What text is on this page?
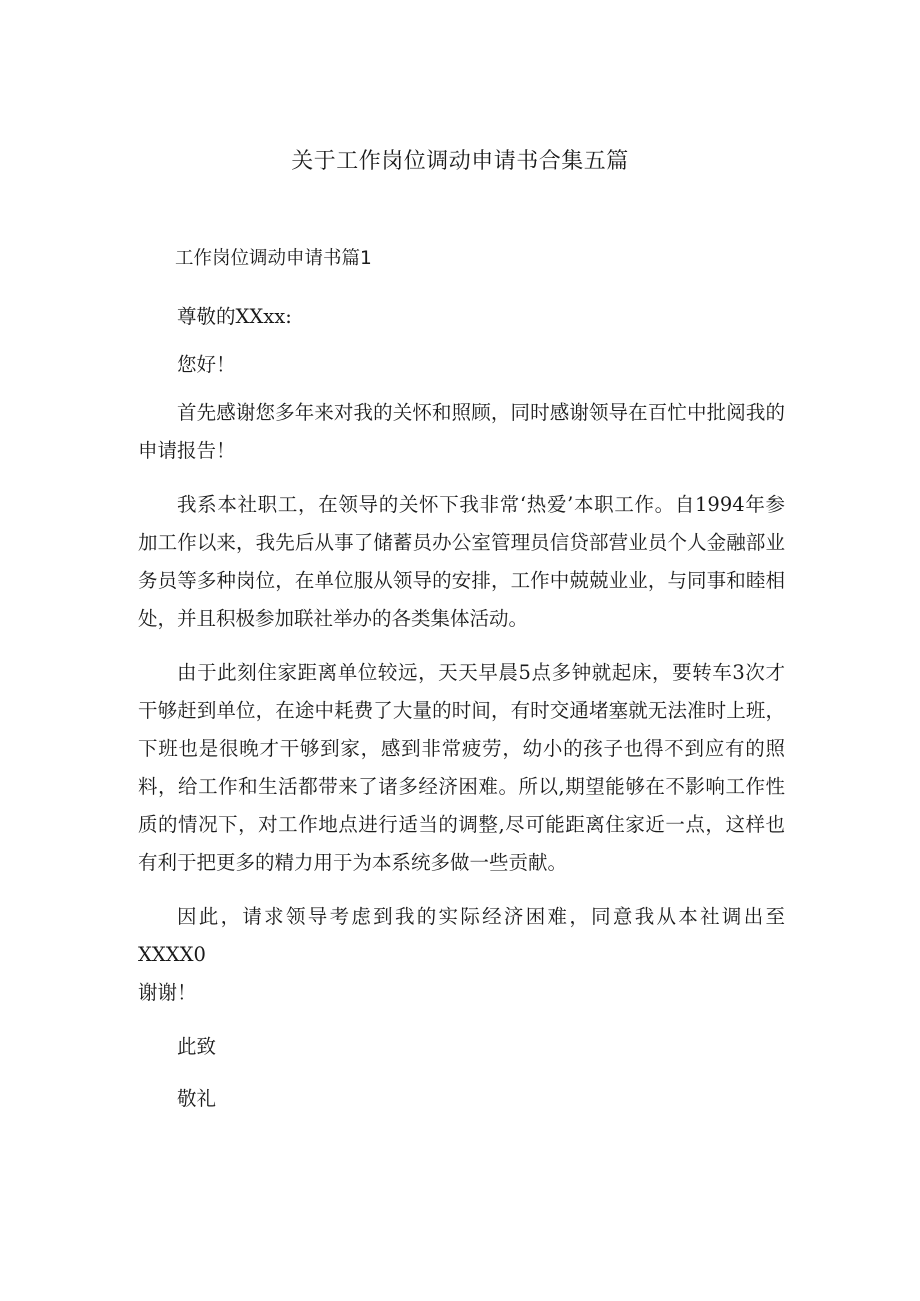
关于工作岗位调动申请书合集五篇

工作岗位调动申请书篇1

尊敬的XXxx:

您好！

首先感谢您多年来对我的关怀和照顾，同时感谢领导在百忙中批阅我的申请报告！

我系本社职工，在领导的关怀下我非常‘热爱’本职工作。自1994年参加工作以来，我先后从事了储蓄员办公室管理员信贷部营业员个人金融部业务员等多种岗位，在单位服从领导的安排，工作中兢兢业业，与同事和睦相处，并且积极参加联社举办的各类集体活动。

由于此刻住家距离单位较远，天天早晨5点多钟就起床，要转车3次才干够赶到单位，在途中耗费了大量的时间，有时交通堵塞就无法准时上班，下班也是很晚才干够到家，感到非常疲劳，幼小的孩子也得不到应有的照料，给工作和生活都带来了诸多经济困难。所以,期望能够在不影响工作性质的情况下，对工作地点进行适当的调整,尽可能距离住家近一点，这样也有利于把更多的精力用于为本系统多做一些贡献。

因此，请求领导考虑到我的实际经济困难，同意我从本社调出至XXXX0

谢谢！

此致

敬礼
